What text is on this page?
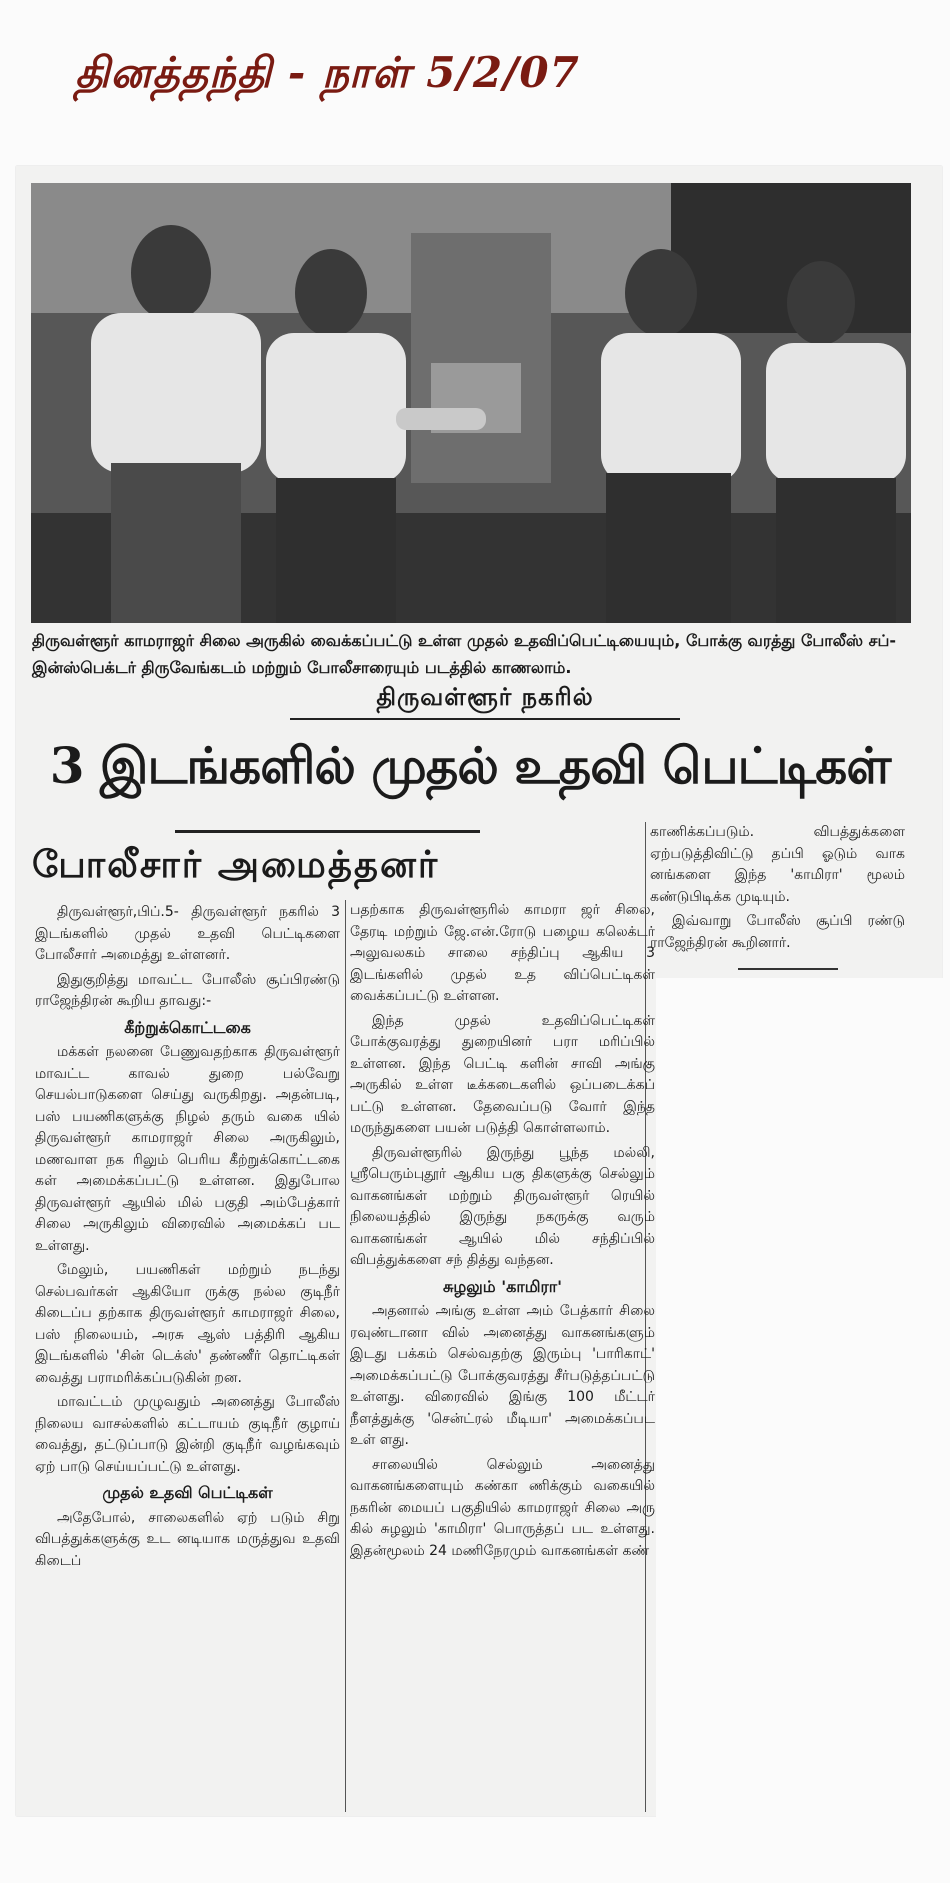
தினத்தந்தி - நாள் 5/2/07
திருவள்ளூர் காமராஜர் சிலை அருகில் வைக்கப்பட்டு உள்ள முதல் உதவிப்பெட்டியையும், போக்கு வரத்து போலீஸ் சப்-இன்ஸ்பெக்டர் திருவேங்கடம் மற்றும் போலீசாரையும் படத்தில் காணலாம்.
திருவள்ளூர் நகரில்
3 இடங்களில் முதல் உதவி பெட்டிகள்
போலீசார் அமைத்தனர்

திருவள்ளூர்,பிப்.5- திருவள்ளூர் நகரில் 3 இடங்களில் முதல் உதவி பெட்டிகளை போலீசார் அமைத்து உள்ளனர்.

இதுகுறித்து மாவட்ட போலீஸ் சூப்பிரண்டு ராஜேந்திரன் கூறிய தாவது:-

கீற்றுக்கொட்டகை

மக்கள் நலனை பேணுவதற்காக திருவள்ளூர் மாவட்ட காவல் துறை பல்வேறு செயல்பாடுகளை செய்து வருகிறது. அதன்படி, பஸ் பயணிகளுக்கு நிழல் தரும் வகை யில் திருவள்ளூர் காமராஜர் சிலை அருகிலும், மணவாள நக ரிலும் பெரிய கீற்றுக்கொட்டகை கள் அமைக்கப்பட்டு உள்ளன. இதுபோல திருவள்ளூர் ஆயில் மில் பகுதி அம்பேத்கார் சிலை அருகிலும் விரைவில் அமைக்கப் பட உள்ளது.

மேலும், பயணிகள் மற்றும் நடந்து செல்பவர்கள் ஆகியோ ருக்கு நல்ல குடிநீர் கிடைப்ப தற்காக திருவள்ளூர் காமராஜர் சிலை, பஸ் நிலையம், அரசு ஆஸ் பத்திரி ஆகிய இடங்களில் 'சின் டெக்ஸ்' தண்ணீர் தொட்டிகள் வைத்து பராமரிக்கப்படுகின் றன.

மாவட்டம் முழுவதும் அனைத்து போலீஸ் நிலைய வாசல்களில் கட்டாயம் குடிநீர் குழாய் வைத்து, தட்டுப்பாடு இன்றி குடிநீர் வழங்கவும் ஏற் பாடு செய்யப்பட்டு உள்ளது.

முதல் உதவி பெட்டிகள்

அதேபோல், சாலைகளில் ஏற் படும் சிறு விபத்துக்களுக்கு உட னடியாக மருத்துவ உதவி கிடைப்

பதற்காக திருவள்ளூரில் காமரா ஜர் சிலை, தேரடி மற்றும் ஜே.என்.ரோடு பழைய கலெக்டர் அலுவலகம் சாலை சந்திப்பு ஆகிய 3 இடங்களில் முதல் உத விப்பெட்டிகள் வைக்கப்பட்டு உள்ளன.

இந்த முதல் உதவிப்பெட்டிகள் போக்குவரத்து துறையினர் பரா மரிப்பில் உள்ளன. இந்த பெட்டி களின் சாவி அங்கு அருகில் உள்ள டீக்கடைகளில் ஒப்படைக்கப் பட்டு உள்ளன. தேவைப்படு வோர் இந்த மருந்துகளை பயன் படுத்தி கொள்ளலாம்.

திருவள்ளூரில் இருந்து பூந்த மல்லி, ஸ்ரீபெரும்புதூர் ஆகிய பகு திகளுக்கு செல்லும் வாகனங்கள் மற்றும் திருவள்ளூர் ரெயில் நிலையத்தில் இருந்து நகருக்கு வரும் வாகனங்கள் ஆயில் மில் சந்திப்பில் விபத்துக்களை சந் தித்து வந்தன.

சுழலும் 'காமிரா'

அதனால் அங்கு உள்ள அம் பேத்கார் சிலை ரவுண்டானா வில் அனைத்து வாகனங்களும் இடது பக்கம் செல்வதற்கு இரும்பு 'பாரிகாட்' அமைக்கப்பட்டு போக்குவரத்து சீர்படுத்தப்பட்டு உள்ளது. விரைவில் இங்கு 100 மீட்டர் நீளத்துக்கு 'சென்ட்ரல் மீடியா' அமைக்கப்பட உள் ளது.

சாலையில் செல்லும் அனைத்து வாகனங்களையும் கண்கா ணிக்கும் வகையில் நகரின் மையப் பகுதியில் காமராஜர் சிலை அரு கில் சுழலும் 'காமிரா' பொருத்தப் பட உள்ளது. இதன்மூலம் 24 மணிநேரமும் வாகனங்கள் கண்

காணிக்கப்படும். விபத்துக்களை ஏற்படுத்திவிட்டு தப்பி ஓடும் வாக னங்களை இந்த 'காமிரா' மூலம் கண்டுபிடிக்க முடியும்.

இவ்வாறு போலீஸ் சூப்பி ரண்டு ராஜேந்திரன் கூறினார்.
